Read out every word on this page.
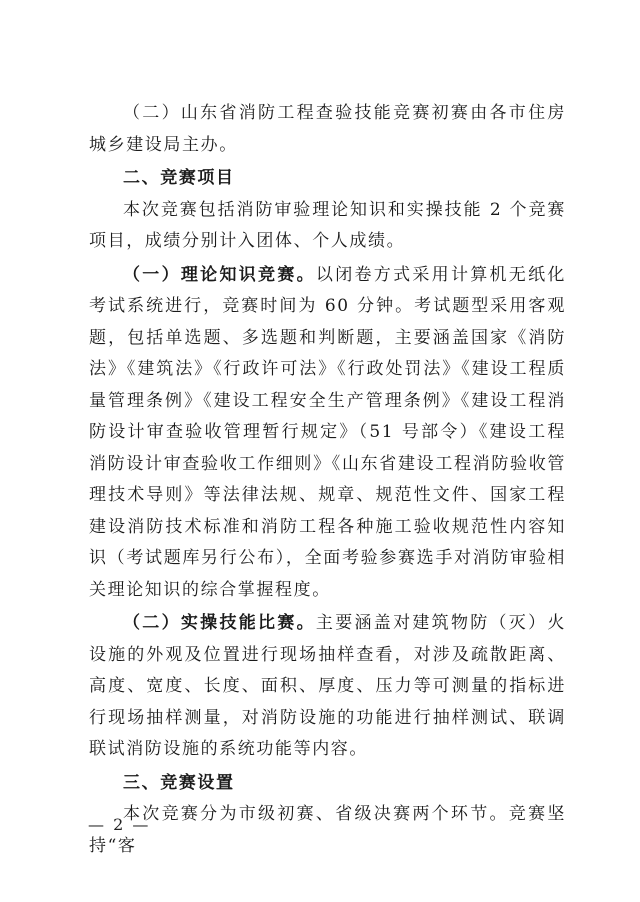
（二）山东省消防工程查验技能竞赛初赛由各市住房城乡建设局主办。

二、竞赛项目

本次竞赛包括消防审验理论知识和实操技能 2 个竞赛项目，成绩分别计入团体、个人成绩。

（一）理论知识竞赛。以闭卷方式采用计算机无纸化考试系统进行，竞赛时间为 60 分钟。考试题型采用客观题，包括单选题、多选题和判断题，主要涵盖国家《消防法》《建筑法》《行政许可法》《行政处罚法》《建设工程质量管理条例》《建设工程安全生产管理条例》《建设工程消防设计审查验收管理暂行规定》（51 号部令）《建设工程消防设计审查验收工作细则》《山东省建设工程消防验收管理技术导则》等法律法规、规章、规范性文件、国家工程建设消防技术标准和消防工程各种施工验收规范性内容知识（考试题库另行公布），全面考验参赛选手对消防审验相关理论知识的综合掌握程度。

（二）实操技能比赛。主要涵盖对建筑物防（灭）火设施的外观及位置进行现场抽样查看，对涉及疏散距离、高度、宽度、长度、面积、厚度、压力等可测量的指标进行现场抽样测量，对消防设施的功能进行抽样测试、联调联试消防设施的系统功能等内容。

三、竞赛设置

本次竞赛分为市级初赛、省级决赛两个环节。竞赛坚持“客

— 2 —
